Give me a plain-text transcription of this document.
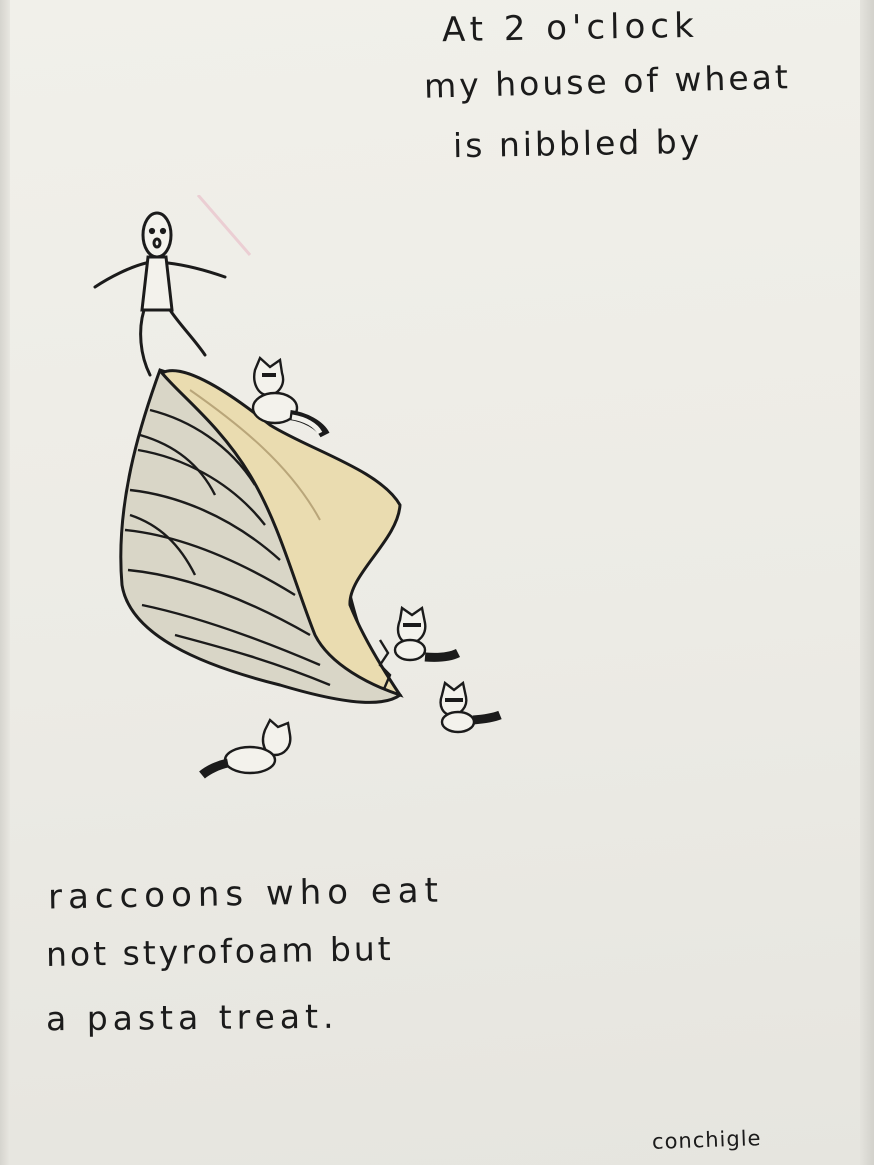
At 2 o'clock
my house of wheat
is nibbled by
raccoons who eat
not styrofoam but
a pasta treat.
conchigle
